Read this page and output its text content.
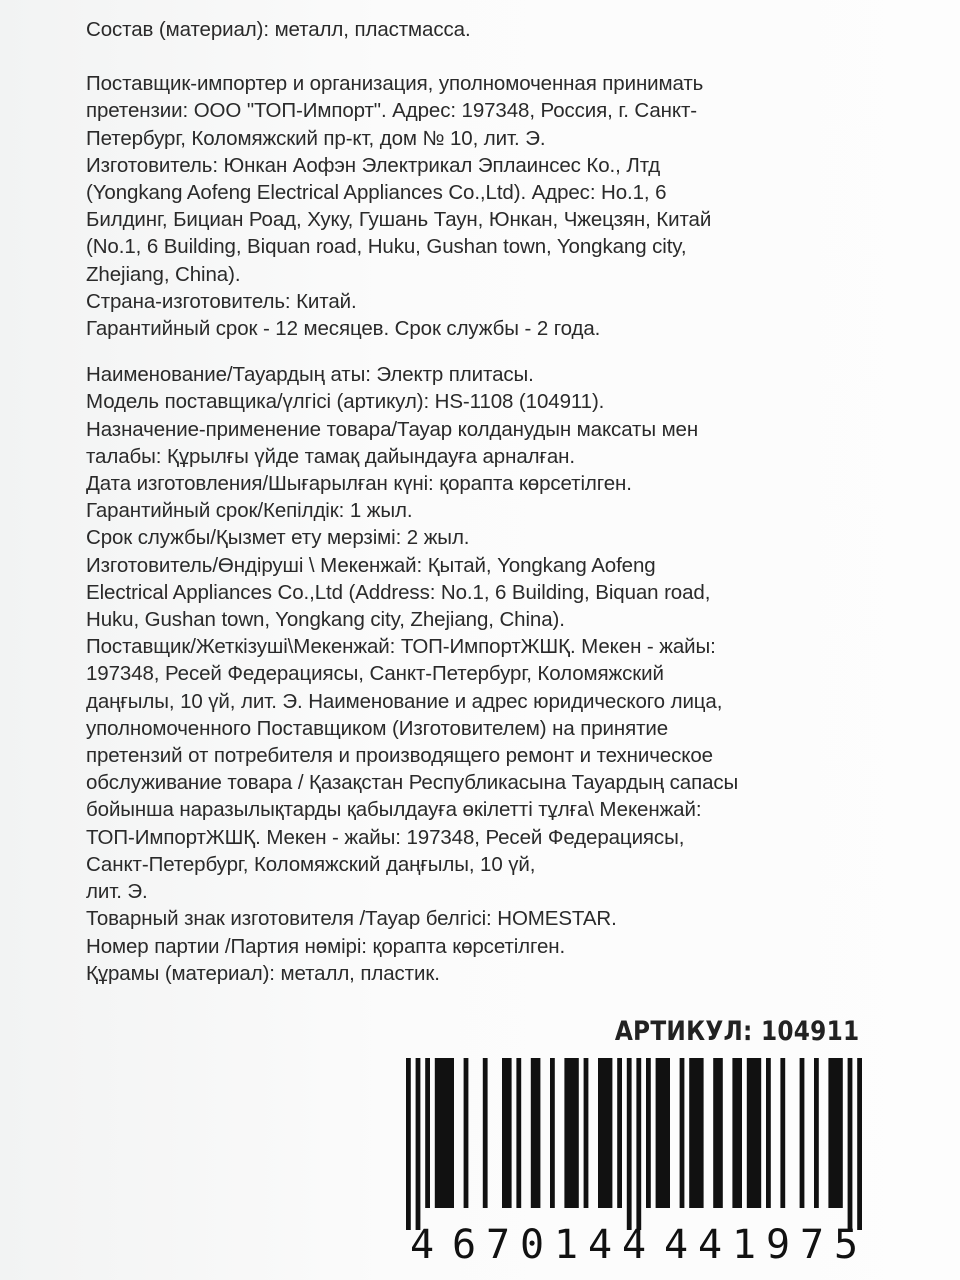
Состав (материал): металл, пластмасса.

Поставщик-импортер и организация, уполномоченная принимать

претензии: ООО "ТОП-Импорт". Адрес: 197348, Россия, г. Санкт-

Петербург, Коломяжский пр-кт, дом № 10, лит. Э.

Изготовитель: Юнкан Аофэн Электрикал Эплаинсес Ко., Лтд

(Yongkang Aofeng Electrical Appliances Co.,Ltd). Адрес: Но.1, 6

Билдинг, Бициан Роад, Хуку, Гушань Таун, Юнкан, Чжецзян, Китай

(No.1, 6 Building, Biquan road, Huku, Gushan town, Yongkang city,

Zhejiang, China).

Страна-изготовитель: Китай.

Гарантийный срок - 12 месяцев. Срок службы - 2 года.

Наименование/Тауардың аты: Электр плитасы.

Модель поставщика/үлгісі (артикул): HS-1108 (104911).

Назначение-применение товара/Тауар колданудын максаты мен

талабы: Құрылғы үйде тамақ дайындауға арналған.

Дата изготовления/Шығарылған күні: қорапта көрсетілген.

Гарантийный срок/Кепілдік: 1 жыл.

Срок службы/Қызмет ету мерзімі: 2 жыл.

Изготовитель/Өндіруші \ Мекенжай: Қытай, Yongkang Aofeng

Electrical Appliances Co.,Ltd (Address: No.1, 6 Building, Biquan road,

Huku, Gushan town, Yongkang city, Zhejiang, China).

Поставщик/Жеткізуші\Мекенжай: ТОП-ИмпортЖШҚ. Мекен - жайы:

197348, Ресей Федерациясы, Санкт-Петербург, Коломяжский

даңғылы, 10 үй, лит. Э. Наименование и адрес юридического лица,

уполномоченного Поставщиком (Изготовителем) на принятие

претензий от потребителя и производящего ремонт и техническое

обслуживание товара / Қазақстан Республикасына Тауардың сапасы

бойынша наразылықтарды қабылдауға өкілетті тұлға\ Мекенжай:

ТОП-ИмпортЖШҚ. Мекен - жайы: 197348, Ресей Федерациясы,

Санкт-Петербург, Коломяжский даңғылы, 10 үй,

лит. Э.

Товарный знак изготовителя /Тауар белгісі: HOMESTAR.

Номер партии /Партия нөмірі: қорапта көрсетілген.

Құрамы (материал): металл, пластик.

АРТИКУЛ: 104911
4 6 7 0 1 4 4 4 4 1 9 7 5
